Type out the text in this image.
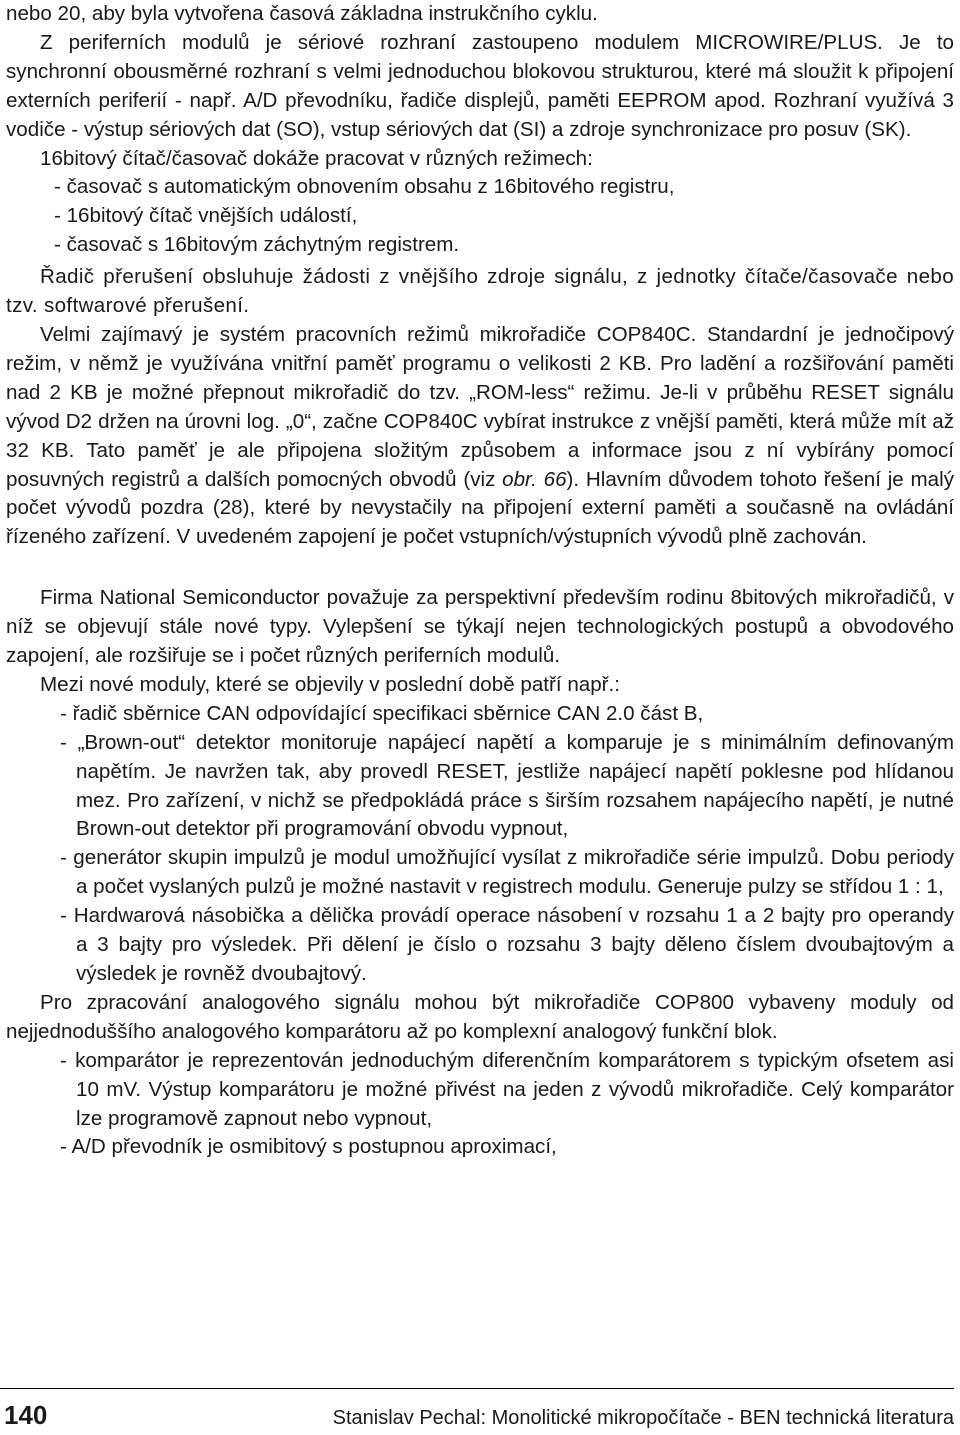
nebo 20, aby byla vytvořena časová základna instrukčního cyklu.

Z periferních modulů je sériové rozhraní zastoupeno modulem MICROWIRE/PLUS. Je to synchronní obousměrné rozhraní s velmi jednoduchou blokovou strukturou, které má sloužit k připojení externích periferií - např. A/D převodníku, řadiče displejů, paměti EEPROM apod. Rozhraní využívá 3 vodiče - výstup sériových dat (SO), vstup sériových dat (SI) a zdroje synchronizace pro posuv (SK).

16bitový čítač/časovač dokáže pracovat v různých režimech:

- časovač s automatickým obnovením obsahu z 16bitového registru,
- 16bitový čítač vnějších událostí,
- časovač s 16bitovým záchytným registrem.

Řadič přerušení obsluhuje žádosti z vnějšího zdroje signálu, z jednotky čítače/časovače nebo tzv. softwarové přerušení.

Velmi zajímavý je systém pracovních režimů mikrořadiče COP840C. Standardní je jednočipový režim, v němž je využívána vnitřní paměť programu o velikosti 2 KB. Pro ladění a rozšiřování paměti nad 2 KB je možné přepnout mikrořadič do tzv. „ROM-less“ režimu. Je-li v průběhu RESET signálu vývod D2 držen na úrovni log. „0“, začne COP840C vybírat instrukce z vnější paměti, která může mít až 32 KB. Tato paměť je ale připojena složitým způsobem a informace jsou z ní vybírány pomocí posuvných registrů a dalších pomocných obvodů (viz obr. 66). Hlavním důvodem tohoto řešení je malý počet vývodů pozdra (28), které by nevystačily na připojení externí paměti a současně na ovládání řízeného zařízení. V uvedeném zapojení je počet vstupních/výstupních vývodů plně zachován.

Firma National Semiconductor považuje za perspektivní především rodinu 8bitových mikrořadičů, v níž se objevují stále nové typy. Vylepšení se týkají nejen technologických postupů a obvodového zapojení, ale rozšiřuje se i počet různých periferních modulů.

Mezi nové moduly, které se objevily v poslední době patří např.:

- řadič sběrnice CAN odpovídající specifikaci sběrnice CAN 2.0 část B,
- „Brown-out“ detektor monitoruje napájecí napětí a komparuje je s minimálním definovaným napětím. Je navržen tak, aby provedl RESET, jestliže napájecí napětí poklesne pod hlídanou mez. Pro zařízení, v nichž se předpokládá práce s širším rozsahem napájecího napětí, je nutné Brown-out detektor při programování obvodu vypnout,
- generátor skupin impulzů je modul umožňující vysílat z mikrořadiče série impulzů. Dobu periody a počet vyslaných pulzů je možné nastavit v registrech modulu. Generuje pulzy se střídou 1 : 1,
- Hardwarová násobička a dělička provádí operace násobení v rozsahu 1 a 2 bajty pro operandy a 3 bajty pro výsledek. Při dělení je číslo o rozsahu 3 bajty děleno číslem dvoubajtovým a výsledek je rovněž dvoubajtový.

Pro zpracování analogového signálu mohou být mikrořadiče COP800 vybaveny moduly od nejjednoduššího analogového komparátoru až po komplexní analogový funkční blok.

- komparátor je reprezentován jednoduchým diferenčním komparátorem s typickým ofsetem asi 10 mV. Výstup komparátoru je možné přivést na jeden z vývodů mikrořadiče. Celý komparátor lze programově zapnout nebo vypnout,
- A/D převodník je osmibitový s postupnou aproximací,
140	Stanislav Pechal: Monolitické mikropočítače - BEN technická literatura
